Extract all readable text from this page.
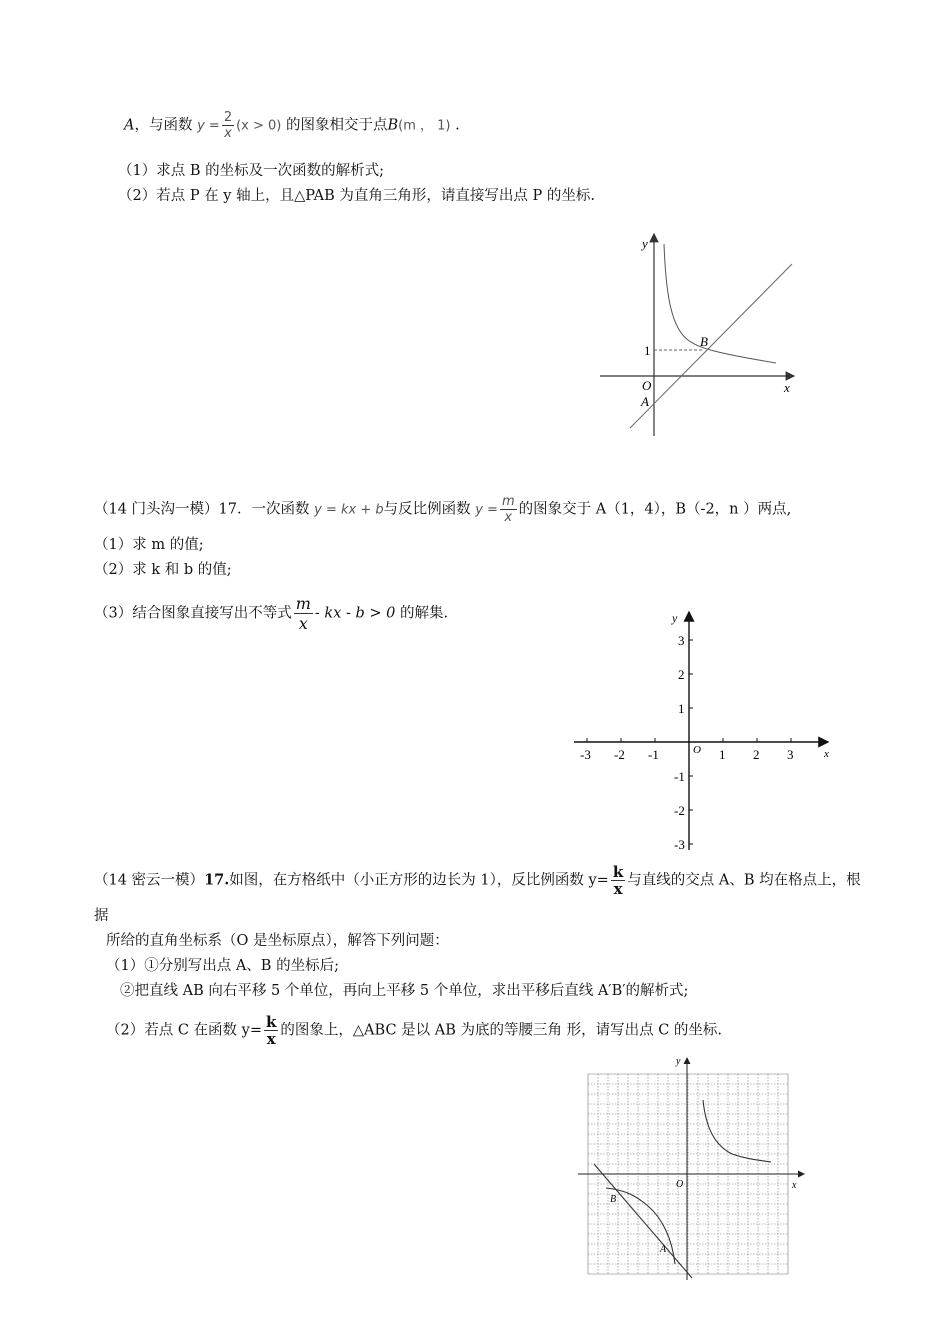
A，与函数 $y = \frac{2}{x} (x > 0)$ 的图象相交于点B(m ， 1) .
（1）求点 B 的坐标及一次函数的解析式;
（2）若点 P 在 y 轴上，且△PAB 为直角三角形，请直接写出点 P 的坐标.
y
x
O
A
B
1
（14 门头沟一模）17．一次函数 y = kx + b与反比例函数 $y = \frac{m}{x}$ 的图象交于 A（1，4），B（-2，n ）两点,
（1）求 m 的值;
（2）求 k 和 b 的值;
（3）结合图象直接写出不等式 $\frac{m}{x}$ - kx - b > 0 的解集.
-3 -2 -1	1 2 3
3
2
1
-1
-2
-3
y
x
O
（14 密云一模）17.如图，在方格纸中（小正方形的边长为 1），反比例函数 $y= \frac{k}{x}$ 与直线的交点 A、B 均在格点上，根
据
所给的直角坐标系（O 是坐标原点），解答下列问题：
（1）①分别写出点 A、B 的坐标后;
②把直线 AB 向右平移 5 个单位，再向上平移 5 个单位，求出平移后直线 A′B′的解析式;
（2）若点 C 在函数 $y= \frac{k}{x}$ 的图象上，△ABC 是以 AB 为底的等腰三角 形，请写出点 C 的坐标.
y
x
O
B
A
